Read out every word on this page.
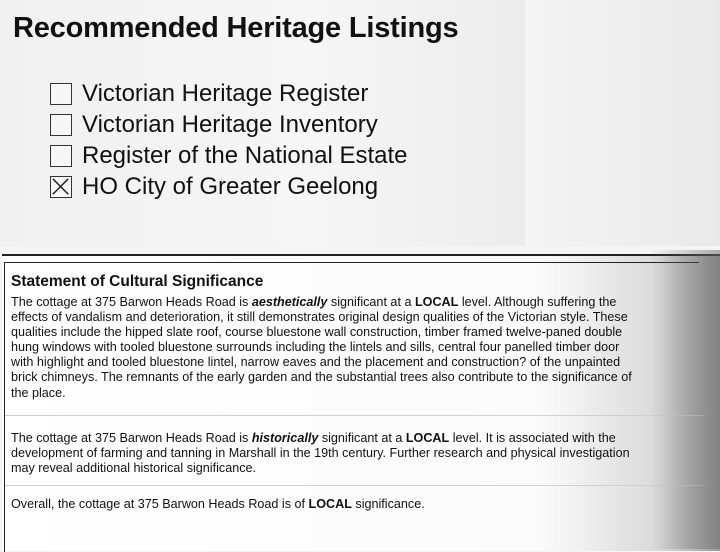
Recommended Heritage Listings
Victorian Heritage Register
Victorian Heritage Inventory
Register of the National Estate
HO City of Greater Geelong
Statement of Cultural Significance
The cottage at 375 Barwon Heads Road is aesthetically significant at a LOCAL level. Although suffering the
effects of vandalism and deterioration, it still demonstrates original design qualities of the Victorian style. These
qualities include the hipped slate roof, course bluestone wall construction, timber framed twelve-paned double
hung windows with tooled bluestone surrounds including the lintels and sills, central four panelled timber door
with highlight and tooled bluestone lintel, narrow eaves and the placement and construction? of the unpainted
brick chimneys. The remnants of the early garden and the substantial trees also contribute to the significance of
the place.
The cottage at 375 Barwon Heads Road is historically significant at a LOCAL level. It is associated with the
development of farming and tanning in Marshall in the 19th century. Further research and physical investigation
may reveal additional historical significance.
Overall, the cottage at 375 Barwon Heads Road is of LOCAL significance.
